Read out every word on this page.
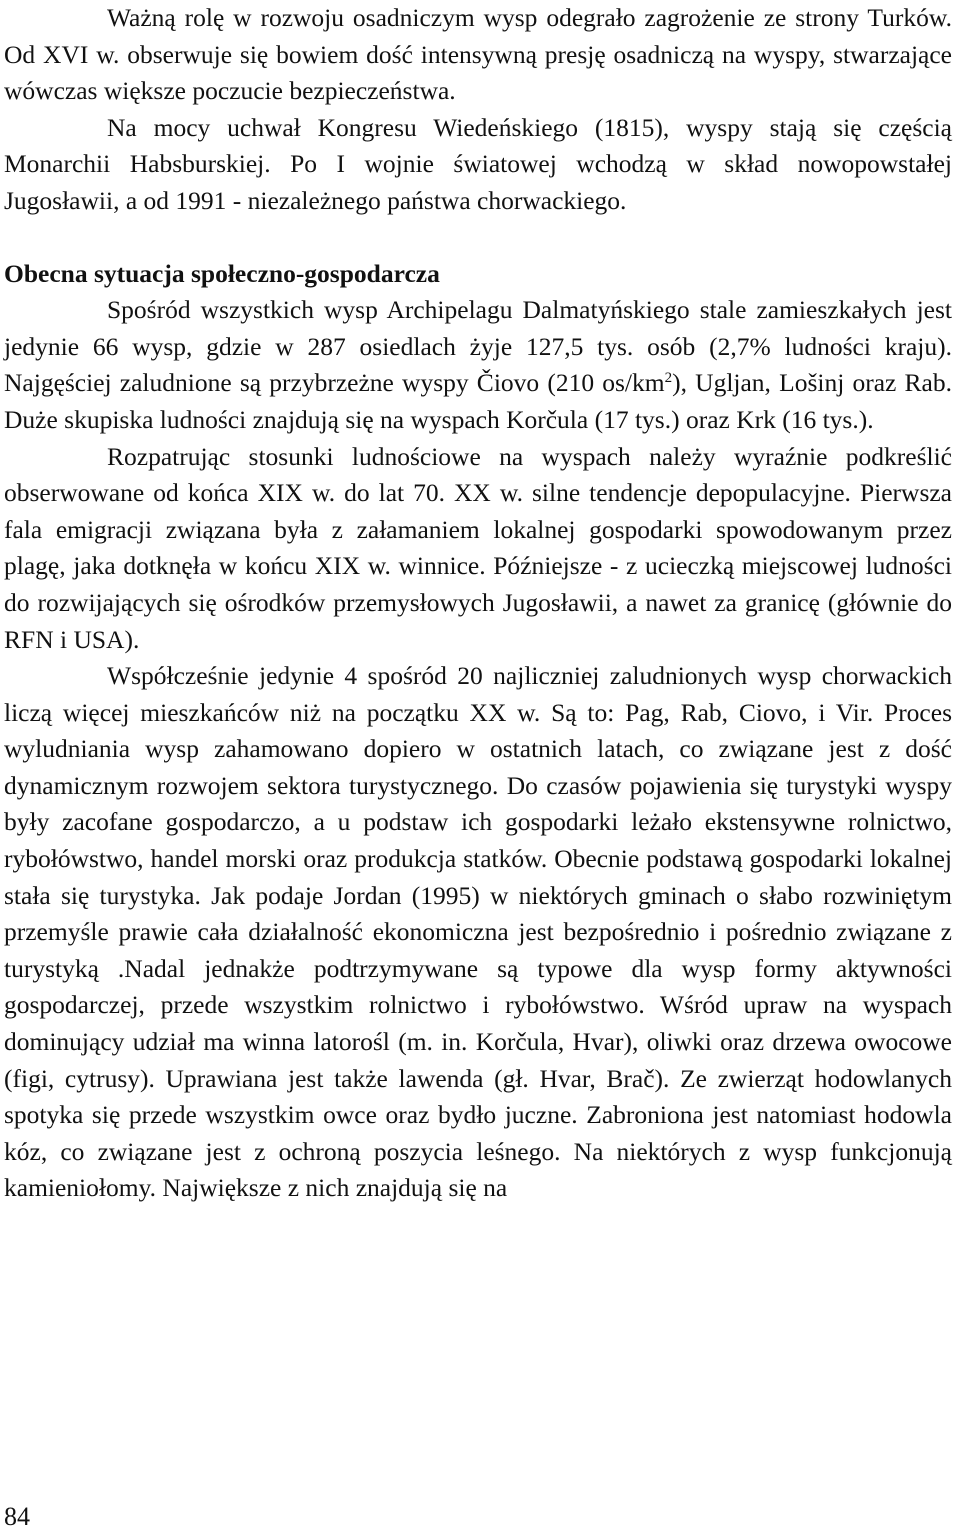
Ważną rolę w rozwoju osadniczym wysp odegrało zagrożenie ze strony Turków. Od XVI w. obserwuje się bowiem dość intensywną presję osadniczą na wyspy, stwarzające wówczas większe poczucie bezpieczeństwa.

Na mocy uchwał Kongresu Wiedeńskiego (1815), wyspy stają się częścią Monarchii Habsburskiej. Po I wojnie światowej wchodzą w skład nowopowstałej Jugosławii, a od 1991 - niezależnego państwa chorwackiego.

Obecna sytuacja społeczno-gospodarcza

Spośród wszystkich wysp Archipelagu Dalmatyńskiego stale zamieszkałych jest jedynie 66 wysp, gdzie w 287 osiedlach żyje 127,5 tys. osób (2,7% ludności kraju). Najgęściej zaludnione są przybrzeżne wyspy Čiovo (210 $os/km^2$), Ugljan, Lošinj oraz Rab. Duże skupiska ludności znajdują się na wyspach Korčula (17 tys.) oraz Krk (16 tys.).

Rozpatrując stosunki ludnościowe na wyspach należy wyraźnie podkreślić obserwowane od końca XIX w. do lat 70. XX w. silne tendencje depopulacyjne. Pierwsza fala emigracji związana była z załamaniem lokalnej gospodarki spowodowanym przez plagę, jaka dotknęła w końcu XIX w. winnice. Późniejsze - z ucieczką miejscowej ludności do rozwijających się ośrodków przemysłowych Jugosławii, a nawet za granicę (głównie do RFN i USA).

Współcześnie jedynie 4 spośród 20 najliczniej zaludnionych wysp chorwackich liczą więcej mieszkańców niż na początku XX w. Są to: Pag, Rab, Ciovo, i Vir. Proces wyludniania wysp zahamowano dopiero w ostatnich latach, co związane jest z dość dynamicznym rozwojem sektora turystycznego. Do czasów pojawienia się turystyki wyspy były zacofane gospodarczo, a u podstaw ich gospodarki leżało ekstensywne rolnictwo, rybołówstwo, handel morski oraz produkcja statków. Obecnie podstawą gospodarki lokalnej stała się turystyka. Jak podaje Jordan (1995) w niektórych gminach o słabo rozwiniętym przemyśle prawie cała działalność ekonomiczna jest bezpośrednio i pośrednio związane z turystyką .Nadal jednakże podtrzymywane są typowe dla wysp formy aktywności gospodarczej, przede wszystkim rolnictwo i rybołówstwo. Wśród upraw na wyspach dominujący udział ma winna latorośl (m. in. Korčula, Hvar), oliwki oraz drzewa owocowe (figi, cytrusy). Uprawiana jest także lawenda (gł. Hvar, Brač). Ze zwierząt hodowlanych spotyka się przede wszystkim owce oraz bydło juczne. Zabroniona jest natomiast hodowla kóz, co związane jest z ochroną poszycia leśnego. Na niektórych z wysp funkcjonują kamieniołomy. Największe z nich znajdują się na

84
